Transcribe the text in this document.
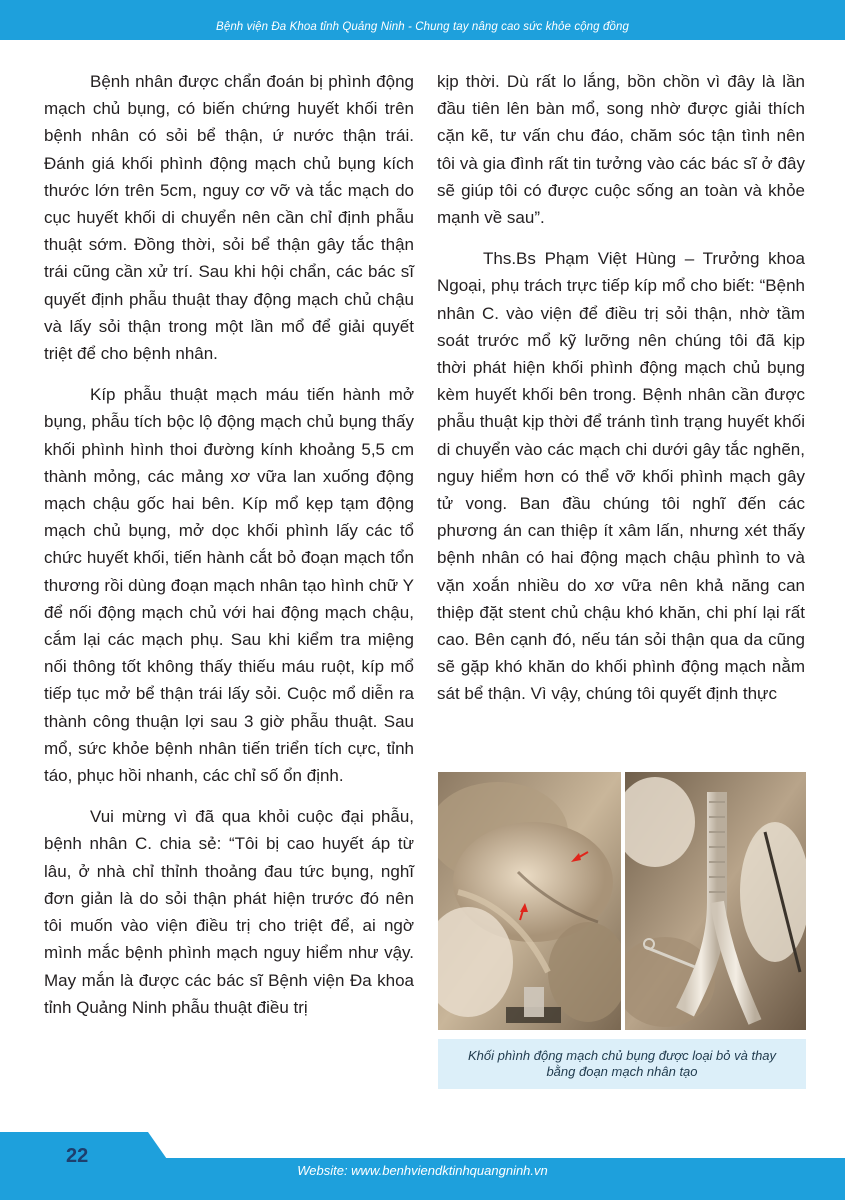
Bệnh viện Đa Khoa tỉnh Quảng Ninh - Chung tay nâng cao sức khỏe cộng đồng

Bệnh nhân được chẩn đoán bị phình động mạch chủ bụng, có biến chứng huyết khối trên bệnh nhân có sỏi bể thận, ứ nước thận trái. Đánh giá khối phình động mạch chủ bụng kích thước lớn trên 5cm, nguy cơ vỡ và tắc mạch do cục huyết khối di chuyển nên cần chỉ định phẫu thuật sớm. Đồng thời, sỏi bể thận gây tắc thận trái cũng cần xử trí. Sau khi hội chẩn, các bác sĩ quyết định phẫu thuật thay động mạch chủ chậu và lấy sỏi thận trong một lần mổ để giải quyết triệt để cho bệnh nhân.

Kíp phẫu thuật mạch máu tiến hành mở bụng, phẫu tích bộc lộ động mạch chủ bụng thấy khối phình hình thoi đường kính khoảng 5,5 cm thành mỏng, các mảng xơ vữa lan xuống động mạch chậu gốc hai bên. Kíp mổ kẹp tạm động mạch chủ bụng, mở dọc khối phình lấy các tổ chức huyết khối, tiến hành cắt bỏ đoạn mạch tổn thương rồi dùng đoạn mạch nhân tạo hình chữ Y để nối động mạch chủ với hai động mạch chậu, cắm lại các mạch phụ. Sau khi kiểm tra miệng nối thông tốt không thấy thiếu máu ruột, kíp mổ tiếp tục mở bể thận trái lấy sỏi. Cuộc mổ diễn ra thành công thuận lợi sau 3 giờ phẫu thuật. Sau mổ, sức khỏe bệnh nhân tiến triển tích cực, tỉnh táo, phục hồi nhanh, các chỉ số ổn định.

Vui mừng vì đã qua khỏi cuộc đại phẫu, bệnh nhân C. chia sẻ: “Tôi bị cao huyết áp từ lâu, ở nhà chỉ thỉnh thoảng đau tức bụng, nghĩ đơn giản là do sỏi thận phát hiện trước đó nên tôi muốn vào viện điều trị cho triệt để, ai ngờ mình mắc bệnh phình mạch nguy hiểm như vậy. May mắn là được các bác sĩ Bệnh viện Đa khoa tỉnh Quảng Ninh phẫu thuật điều trị

kịp thời. Dù rất lo lắng, bồn chồn vì đây là lần đầu tiên lên bàn mổ, song nhờ được giải thích cặn kẽ, tư vấn chu đáo, chăm sóc tận tình nên tôi và gia đình rất tin tưởng vào các bác sĩ ở đây sẽ giúp tôi có được cuộc sống an toàn và khỏe mạnh về sau”.

Ths.Bs Phạm Việt Hùng – Trưởng khoa Ngoại, phụ trách trực tiếp kíp mổ cho biết: “Bệnh nhân C. vào viện để điều trị sỏi thận, nhờ tầm soát trước mổ kỹ lưỡng nên chúng tôi đã kịp thời phát hiện khối phình động mạch chủ bụng kèm huyết khối bên trong. Bệnh nhân cần được phẫu thuật kịp thời để tránh tình trạng huyết khối di chuyển vào các mạch chi dưới gây tắc nghẽn, nguy hiểm hơn có thể vỡ khối phình mạch gây tử vong. Ban đầu chúng tôi nghĩ đến các phương án can thiệp ít xâm lấn, nhưng xét thấy bệnh nhân có hai động mạch chậu phình to và vặn xoắn nhiều do xơ vữa nên khả năng can thiệp đặt stent chủ chậu khó khăn, chi phí lại rất cao. Bên cạnh đó, nếu tán sỏi thận qua da cũng sẽ gặp khó khăn do khối phình động mạch nằm sát bể thận. Vì vậy, chúng tôi quyết định thực

Khối phình động mạch chủ bụng được loại bỏ và thay bằng đoạn mạch nhân tạo
22
Website: www.benhviendktinhquangninh.vn
